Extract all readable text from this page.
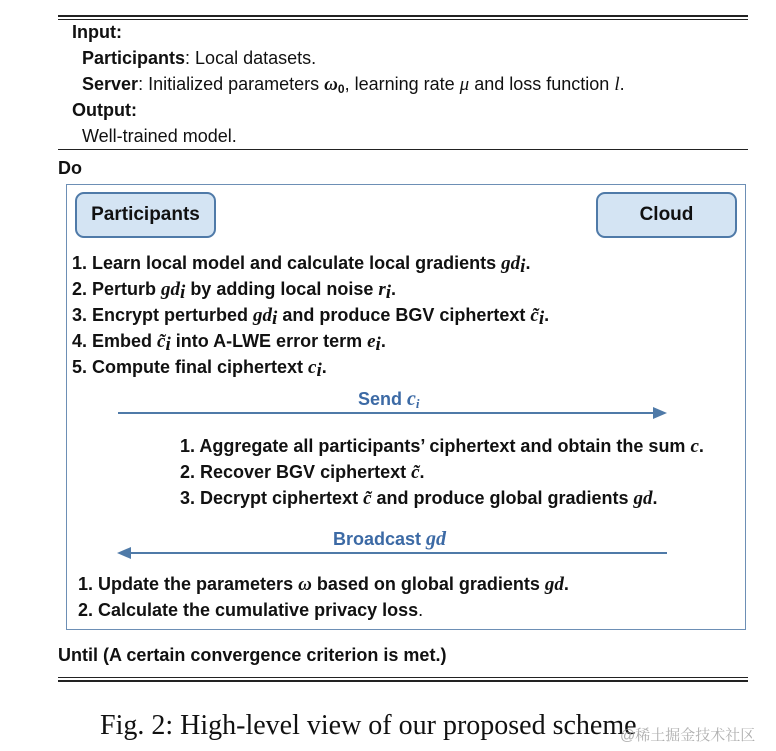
Input:
Participants: Local datasets.
Server: Initialized parameters $\omega_0$, learning rate μ and loss function l.
Output:
Well-trained model.
Do
Participants	Cloud
1. Learn local model and calculate local gradients $gd_i$.
2. Perturb $gd_i$ by adding local noise $r_i$.
3. Encrypt perturbed $gd_i$ and produce BGV ciphertext $c̃_i$.
4. Embed $c̃_i$ into A-LWE error term $e_i$.
5. Compute final ciphertext $c_i$.
Send $c_i$
1. Aggregate all participants’ ciphertext and obtain the sum c.
2. Recover BGV ciphertext c̃.
3. Decrypt ciphertext c̃ and produce global gradients gd.
Broadcast gd
1. Update the parameters ω based on global gradients gd.
2. Calculate the cumulative privacy loss.
Until (A certain convergence criterion is met.)
Fig. 2: High-level view of our proposed scheme
@稀土掘金技术社区
